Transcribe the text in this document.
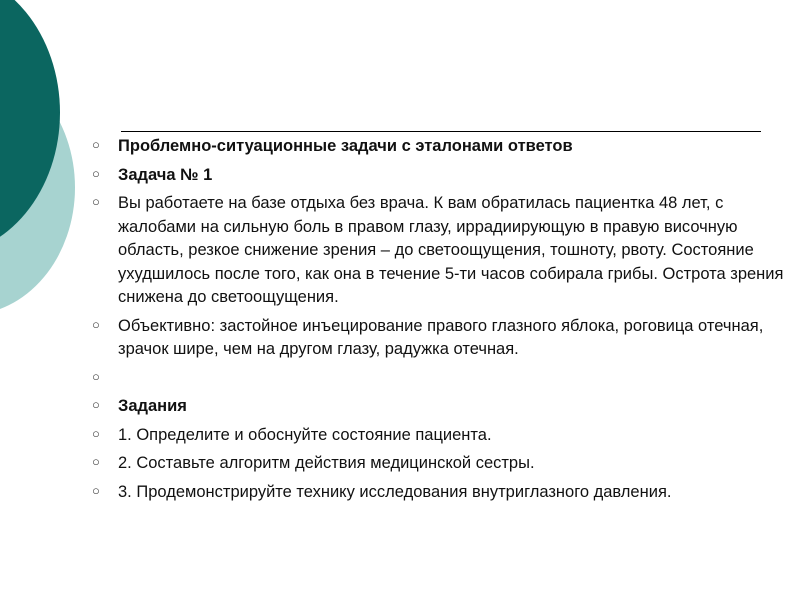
○ Проблемно-ситуационные задачи с эталонами ответов
○ Задача № 1
○ Вы работаете на базе отдыха без врача. К вам обратилась пациентка 48 лет, с жалобами на сильную боль в правом глазу, иррадиирующую в правую височную область, резкое снижение зрения – до светоощущения, тошноту, рвоту. Состояние ухудшилось после того, как она в течение 5-ти часов собирала грибы. Острота зрения снижена до светоощущения.
○ Объективно: застойное инъецирование правого глазного яблока, роговица отечная, зрачок шире, чем на другом глазу, радужка отечная.
○
○ Задания
○ 1. Определите и обоснуйте состояние пациента.
○ 2. Составьте алгоритм действия медицинской сестры.
○ 3. Продемонстрируйте технику исследования внутриглазного давления.
